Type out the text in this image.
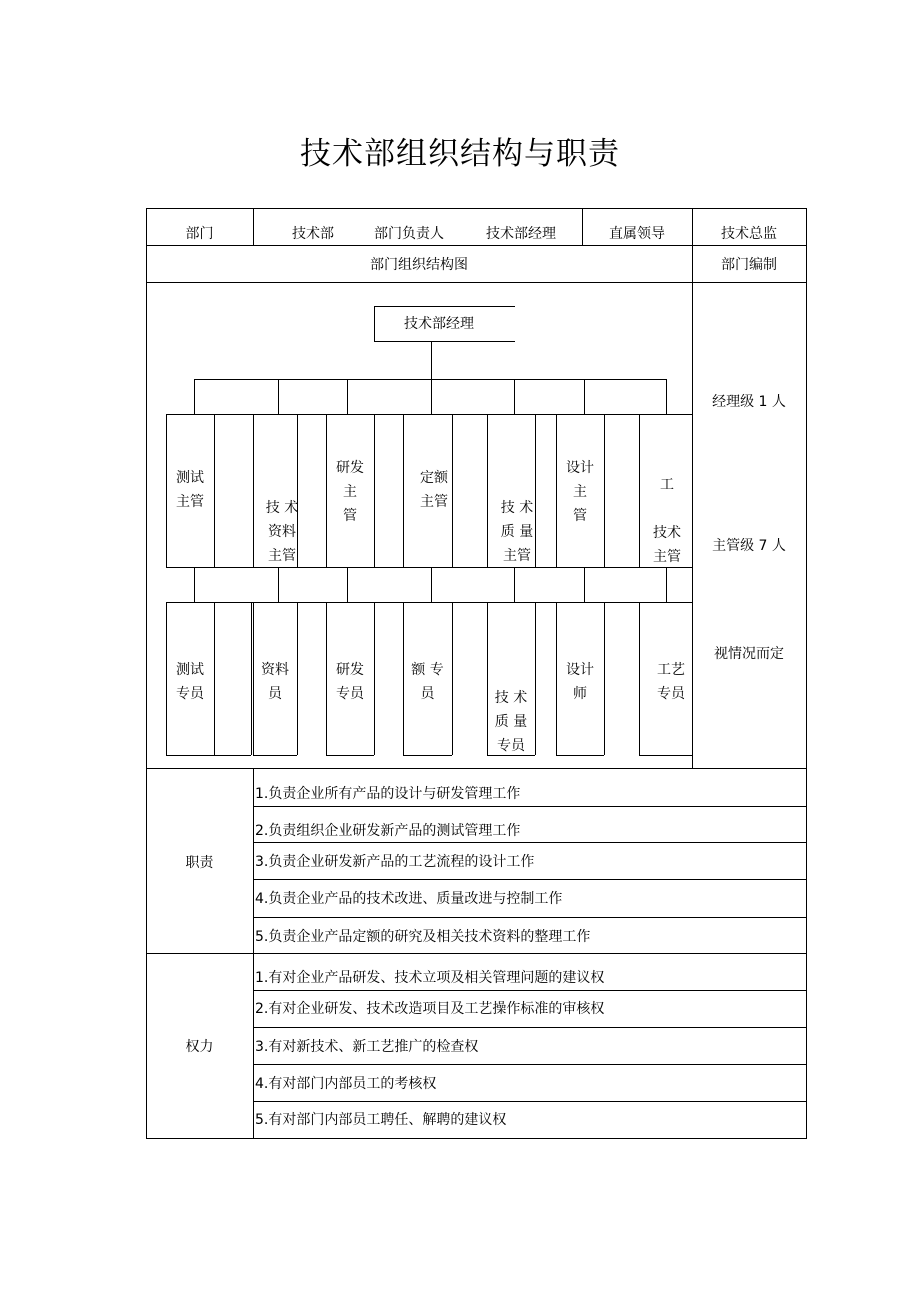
技术部组织结构与职责
部门	技术部	部门负责人	技术部经理	直属领导	技术总监
部门组织结构图	部门编制
经理级 1 人
主管级 7 人
视情况而定
技术部经理
测试
主管	技 术
资料
主管
研发
主
管
定额
主管	技 术
质 量
主管
设计
主
管
工

技术
主管
测试
专员
资料
员
研发
专员
额 专
员	技 术
质 量
专员
设计
师
工艺
专员
职责
1.负责企业所有产品的设计与研发管理工作
2.负责组织企业研发新产品的测试管理工作
3.负责企业研发新产品的工艺流程的设计工作
4.负责企业产品的技术改进、质量改进与控制工作
5.负责企业产品定额的研究及相关技术资料的整理工作
权力
1.有对企业产品研发、技术立项及相关管理问题的建议权
2.有对企业研发、技术改造项目及工艺操作标准的审核权
3.有对新技术、新工艺推广的检查权
4.有对部门内部员工的考核权
5.有对部门内部员工聘任、解聘的建议权
